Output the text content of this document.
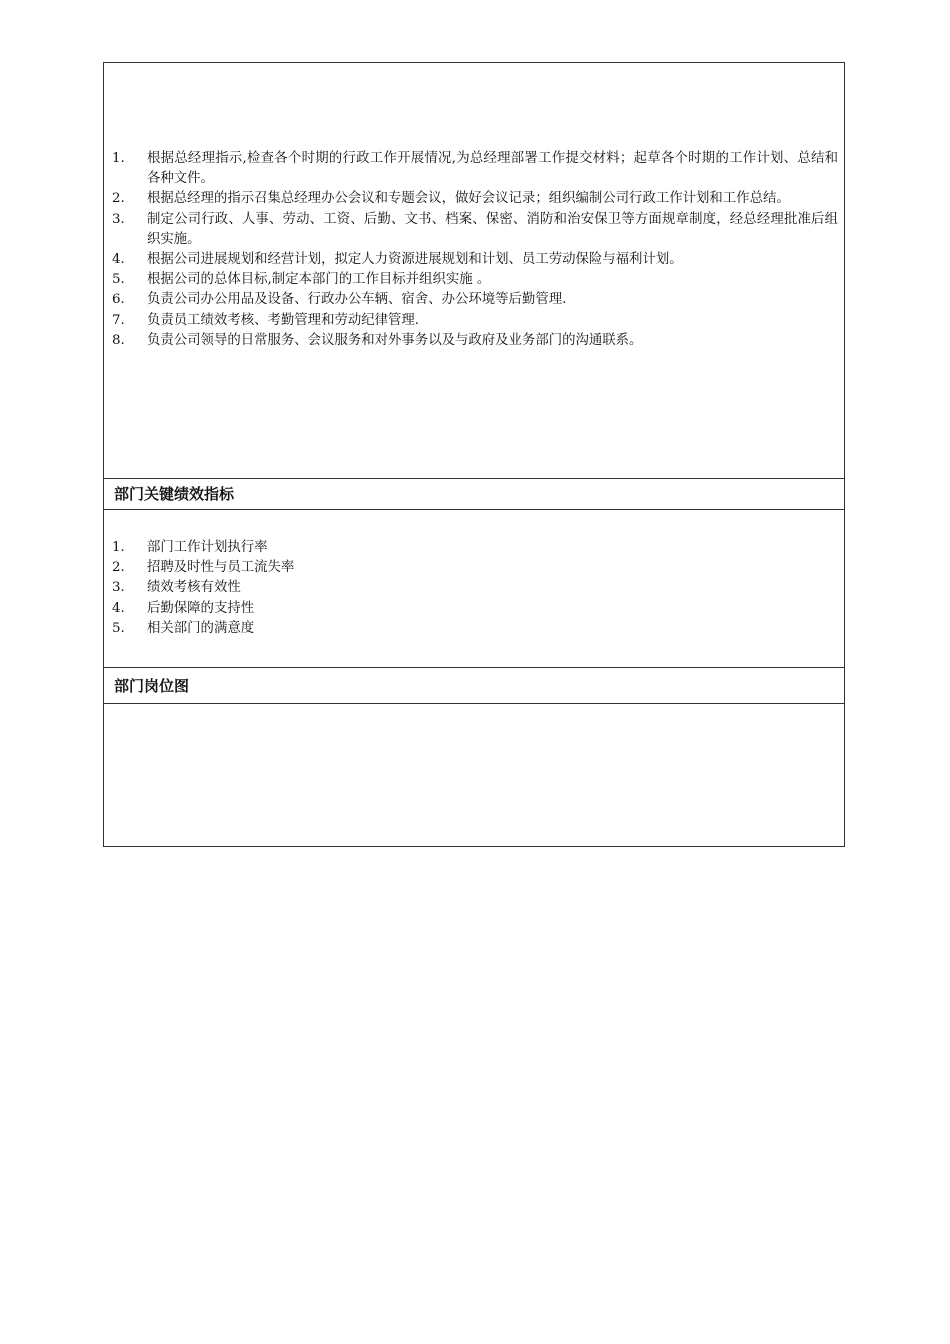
1. 根据总经理指示,检查各个时期的行政工作开展情况,为总经理部署工作提交材料；起草各个时期的工作计划、总结和各种文件。
2. 根据总经理的指示召集总经理办公会议和专题会议，做好会议记录；组织编制公司行政工作计划和工作总结。
3. 制定公司行政、人事、劳动、工资、后勤、文书、档案、保密、消防和治安保卫等方面规章制度，经总经理批准后组织实施。
4. 根据公司进展规划和经营计划，拟定人力资源进展规划和计划、员工劳动保险与福利计划。
5. 根据公司的总体目标,制定本部门的工作目标并组织实施 。
6. 负责公司办公用品及设备、行政办公车辆、宿舍、办公环境等后勤管理.
7. 负责员工绩效考核、考勤管理和劳动纪律管理.
8. 负责公司领导的日常服务、会议服务和对外事务以及与政府及业务部门的沟通联系。
部门关键绩效指标
1. 部门工作计划执行率
2. 招聘及时性与员工流失率
3. 绩效考核有效性
4. 后勤保障的支持性
5. 相关部门的满意度
部门岗位图
